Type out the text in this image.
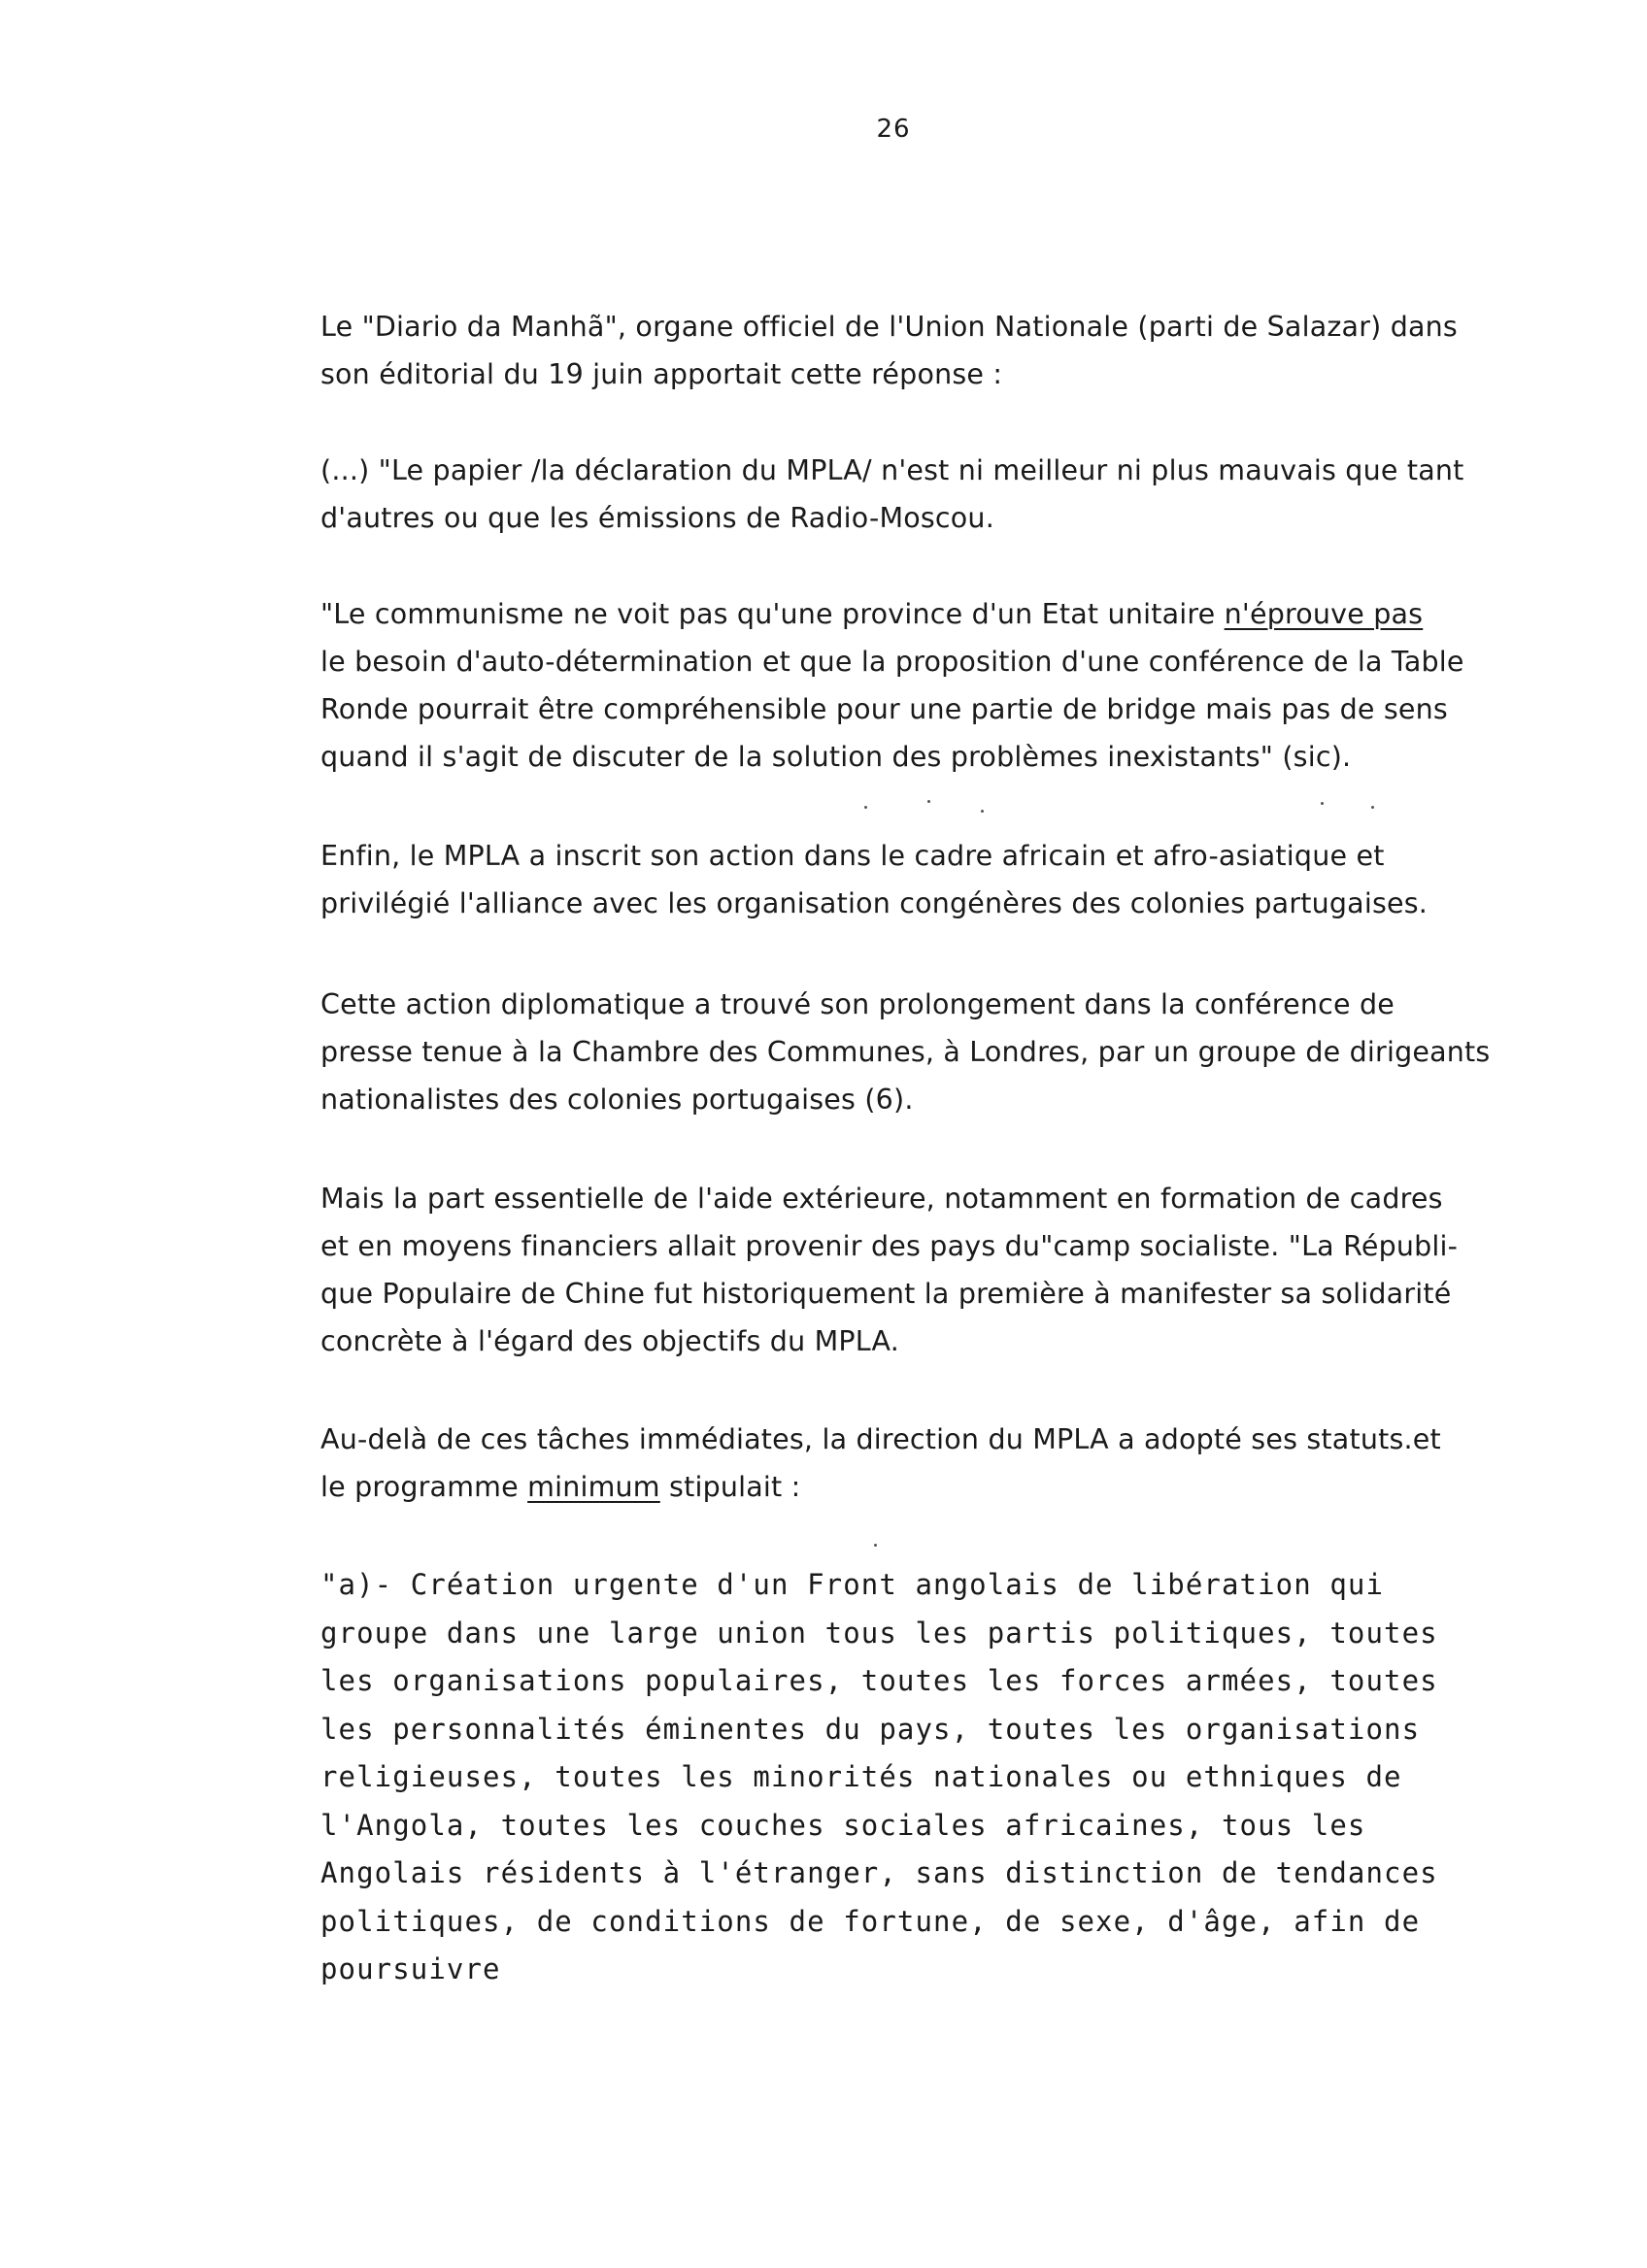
26

Le "Diario da Manhã", organe officiel de l'Union Nationale (parti de Salazar) dans
son éditorial du 19 juin apportait cette réponse :

(...) "Le papier /la déclaration du MPLA/ n'est ni meilleur ni plus mauvais que tant
d'autres ou que les émissions de Radio-Moscou.

"Le communisme ne voit pas qu'une province d'un Etat unitaire n'éprouve pas
le besoin d'auto-détermination et que la proposition d'une conférence de la Table
Ronde pourrait être compréhensible pour une partie de bridge mais pas de sens
quand il s'agit de discuter de la solution des problèmes inexistants" (sic).

Enfin, le MPLA a inscrit son action dans le cadre africain et afro-asiatique et
privilégié l'alliance avec les organisation congénères des colonies partugaises.

Cette action diplomatique a trouvé son prolongement dans la conférence de
presse tenue à la Chambre des Communes, à Londres, par un groupe de dirigeants
nationalistes des colonies portugaises (6).

Mais la part essentielle de l'aide extérieure, notamment en formation de cadres
et en moyens financiers allait provenir des pays du"camp socialiste. "La Républi-
que Populaire de Chine fut historiquement la première à manifester sa solidarité
concrète à l'égard des objectifs du MPLA.

Au-delà de ces tâches immédiates, la direction du MPLA a adopté ses statuts.et
le programme minimum stipulait :

"a)- Création urgente d'un Front angolais de libération qui
groupe dans une large union tous les partis politiques, toutes
les organisations populaires, toutes les forces armées, toutes
les personnalités éminentes du pays, toutes les organisations
religieuses, toutes les minorités nationales ou ethniques de
l'Angola, toutes les couches sociales africaines, tous les
Angolais résidents à l'étranger, sans distinction de tendances
politiques, de conditions de fortune, de sexe, d'âge, afin de
poursuivre
